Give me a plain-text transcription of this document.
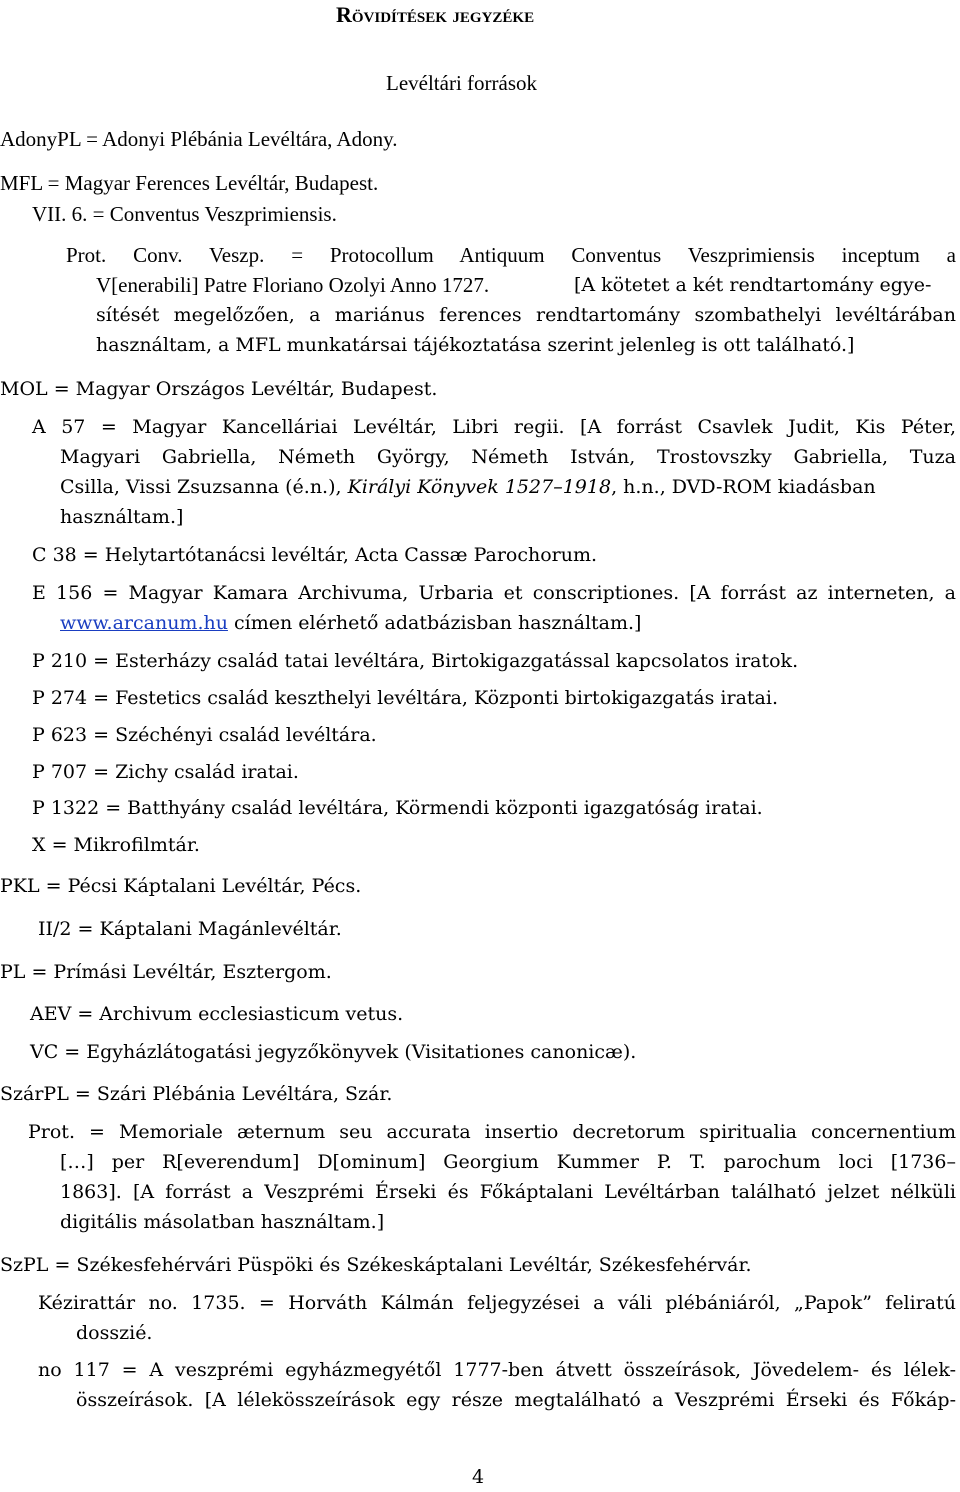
Rövidítések jegyzéke
Levéltári források
AdonyPL = Adonyi Plébánia Levéltára, Adony.
MFL = Magyar Ferences Levéltár, Budapest.
VII. 6. = Conventus Veszprimiensis.
Prot. Conv. Veszp. = Protocollum Antiquum Conventus Veszprimiensis inceptum a
V[enerabili] Patre Floriano Ozolyi Anno 1727.	[A kötetet a két rendtartomány egye-
sítését megelőzően, a mariánus ferences rendtartomány szombathelyi levéltárában
használtam, a MFL munkatársai tájékoztatása szerint jelenleg is ott található.]
MOL = Magyar Országos Levéltár, Budapest.
A 57 = Magyar Kancelláriai Levéltár, Libri regii. [A forrást Csavlek Judit, Kis Péter,
Magyari Gabriella, Németh György, Németh István, Trostovszky Gabriella, Tuza
Csilla, Vissi Zsuzsanna (é.n.), Királyi Könyvek 1527–1918, h.n., DVD-ROM kiadásban
használtam.]
C 38 = Helytartótanácsi levéltár, Acta Cassæ Parochorum.
E 156 = Magyar Kamara Archivuma, Urbaria et conscriptiones. [A forrást az interneten, a
www.arcanum.hu címen elérhető adatbázisban használtam.]
P 210 = Esterházy család tatai levéltára, Birtokigazgatással kapcsolatos iratok.
P 274 = Festetics család keszthelyi levéltára, Központi birtokigazgatás iratai.
P 623 = Széchényi család levéltára.
P 707 = Zichy család iratai.
P 1322 = Batthyány család levéltára, Körmendi központi igazgatóság iratai.
X = Mikrofilmtár.
PKL = Pécsi Káptalani Levéltár, Pécs.
II/2 = Káptalani Magánlevéltár.
PL = Prímási Levéltár, Esztergom.
AEV = Archivum ecclesiasticum vetus.
VC = Egyházlátogatási jegyzőkönyvek (Visitationes canonicæ).
SzárPL = Szári Plébánia Levéltára, Szár.
Prot. = Memoriale æternum seu accurata insertio decretorum spiritualia concernentium
[…] per R[everendum] D[ominum] Georgium Kummer P. T. parochum loci [1736–
1863]. [A forrást a Veszprémi Érseki és Főkáptalani Levéltárban található jelzet nélküli
digitális másolatban használtam.]
SzPL = Székesfehérvári Püspöki és Székeskáptalani Levéltár, Székesfehérvár.
Kézirattár no. 1735. = Horváth Kálmán feljegyzései a váli plébániáról, „Papok” feliratú
dosszié.
no 117 = A veszprémi egyházmegyétől 1777-ben átvett összeírások, Jövedelem- és lélek-
összeírások. [A lélekösszeírások egy része megtalálható a Veszprémi Érseki és Főkáp-
4
